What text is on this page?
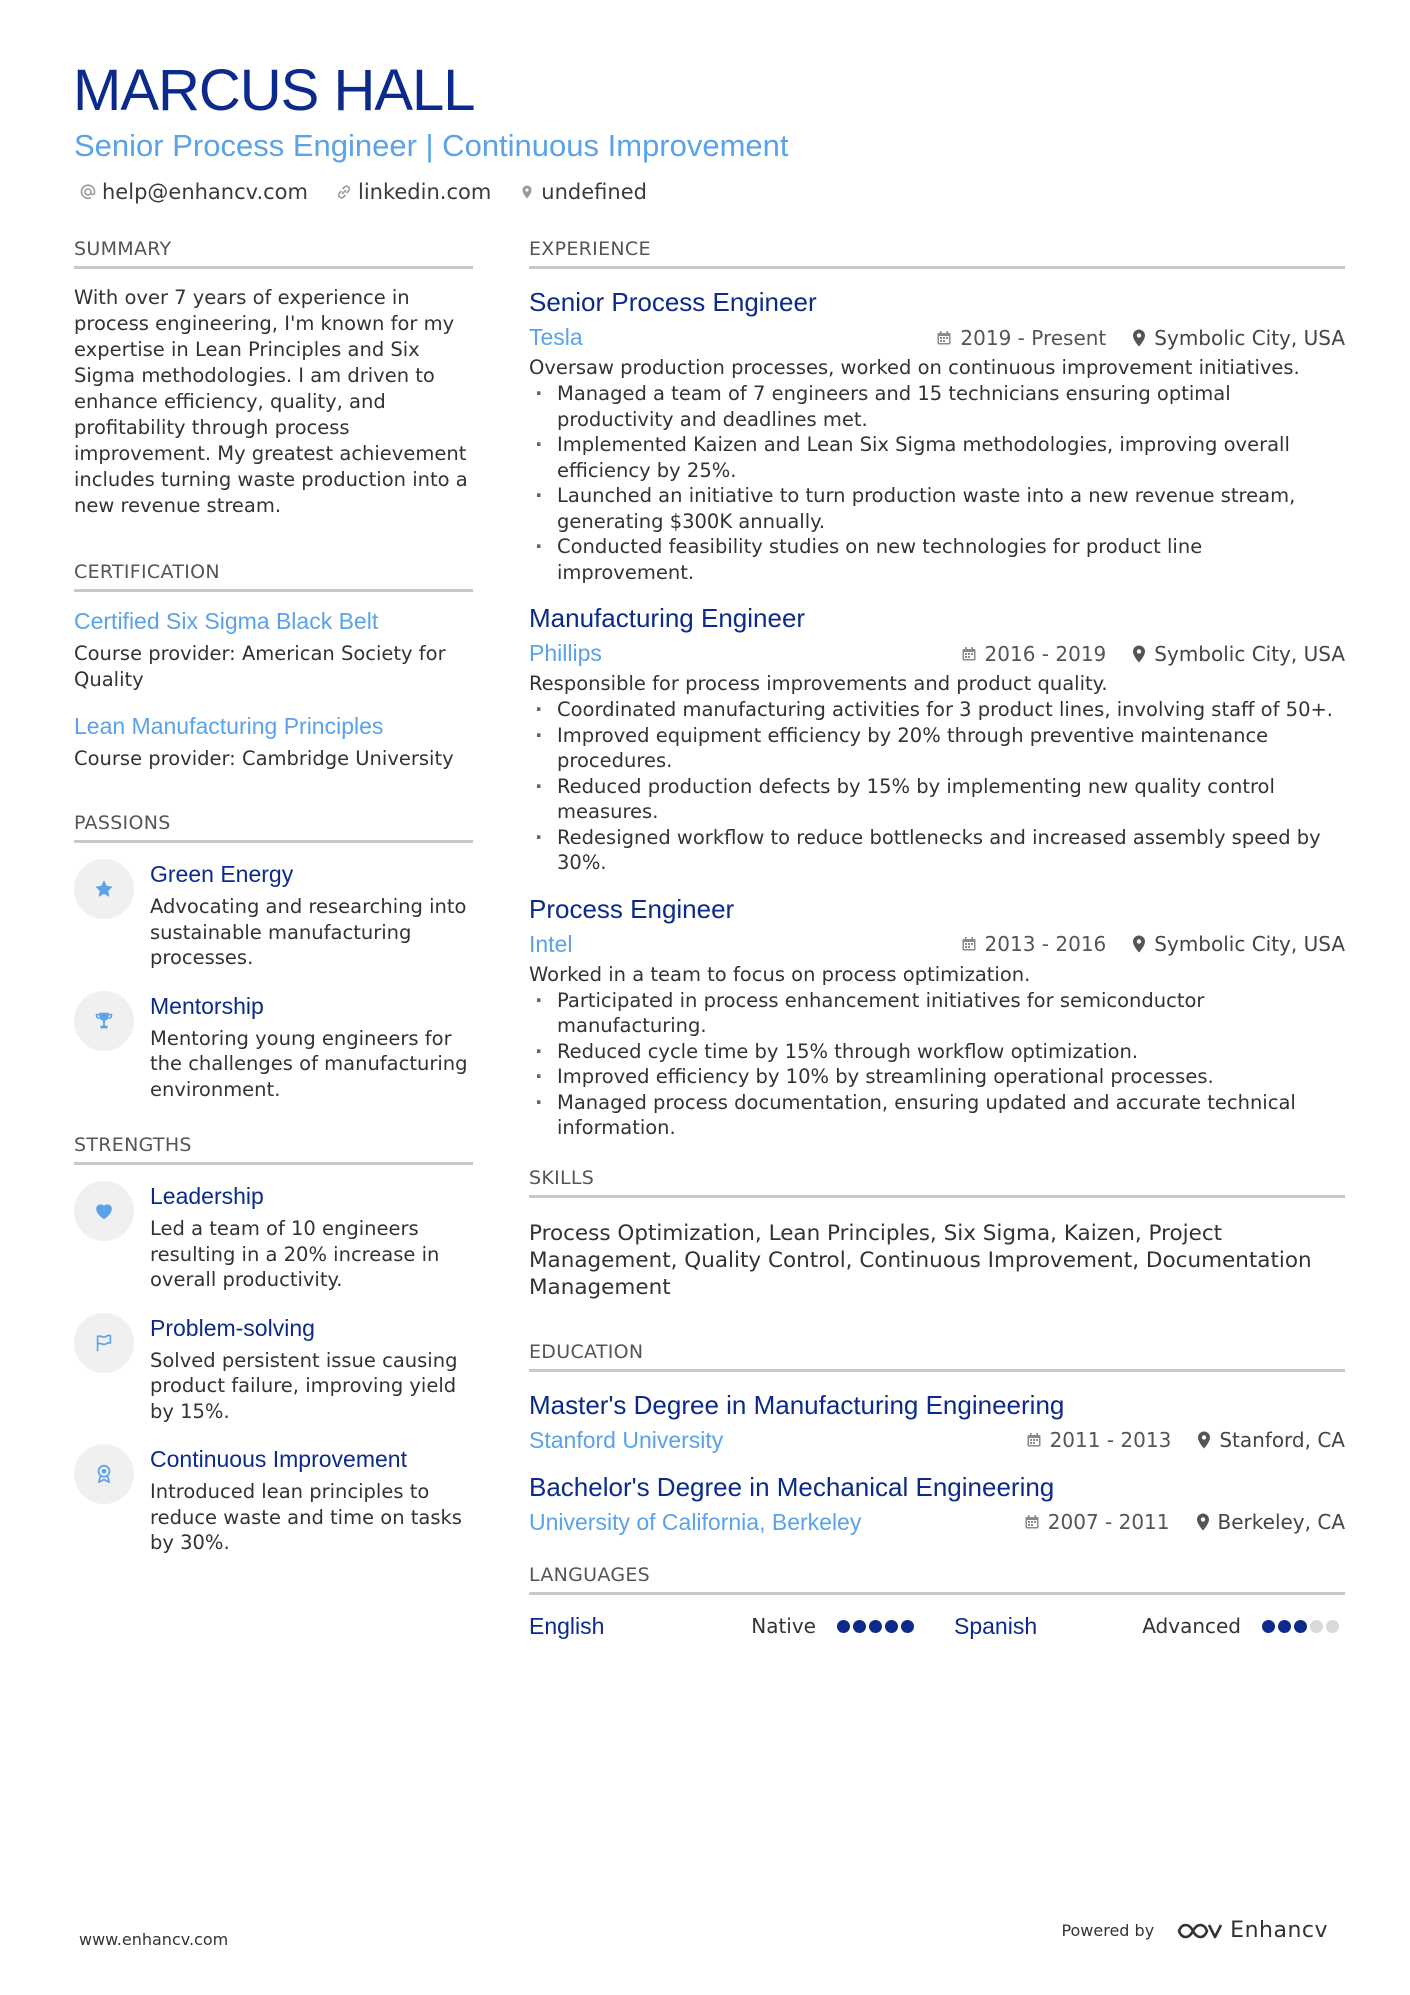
MARCUS HALL
Senior Process Engineer | Continuous Improvement
help@enhancv.com linkedin.com undefined
SUMMARY
With over 7 years of experience in process engineering, I'm known for my expertise in Lean Principles and Six Sigma methodologies. I am driven to enhance efficiency, quality, and profitability through process improvement. My greatest achievement includes turning waste production into a new revenue stream.
CERTIFICATION
Certified Six Sigma Black Belt
Course provider: American Society for Quality
Lean Manufacturing Principles
Course provider: Cambridge University
PASSIONS
Green Energy
Advocating and researching into sustainable manufacturing processes.
Mentorship
Mentoring young engineers for the challenges of manufacturing environment.
STRENGTHS
Leadership
Led a team of 10 engineers resulting in a 20% increase in overall productivity.
Problem-solving
Solved persistent issue causing product failure, improving yield by 15%.
Continuous Improvement
Introduced lean principles to reduce waste and time on tasks by 30%.
EXPERIENCE
Senior Process Engineer
Tesla	2019 - Present Symbolic City, USA
Oversaw production processes, worked on continuous improvement initiatives.
· Managed a team of 7 engineers and 15 technicians ensuring optimal productivity and deadlines met.
· Implemented Kaizen and Lean Six Sigma methodologies, improving overall efficiency by 25%.
· Launched an initiative to turn production waste into a new revenue stream, generating $300K annually.
· Conducted feasibility studies on new technologies for product line improvement.
Manufacturing Engineer
Phillips	2016 - 2019 Symbolic City, USA
Responsible for process improvements and product quality.
· Coordinated manufacturing activities for 3 product lines, involving staff of 50+.
· Improved equipment efficiency by 20% through preventive maintenance procedures.
· Reduced production defects by 15% by implementing new quality control measures.
· Redesigned workflow to reduce bottlenecks and increased assembly speed by 30%.
Process Engineer
Intel	2013 - 2016 Symbolic City, USA
Worked in a team to focus on process optimization.
· Participated in process enhancement initiatives for semiconductor manufacturing.
· Reduced cycle time by 15% through workflow optimization.
· Improved efficiency by 10% by streamlining operational processes.
· Managed process documentation, ensuring updated and accurate technical information.
SKILLS
Process Optimization, Lean Principles, Six Sigma, Kaizen, Project Management, Quality Control, Continuous Improvement, Documentation Management
EDUCATION
Master's Degree in Manufacturing Engineering
Stanford University	2011 - 2013 Stanford, CA
Bachelor's Degree in Mechanical Engineering
University of California, Berkeley	2007 - 2011 Berkeley, CA
LANGUAGES
English	Native	Spanish	Advanced
www.enhancv.com	Powered by	Enhancv
